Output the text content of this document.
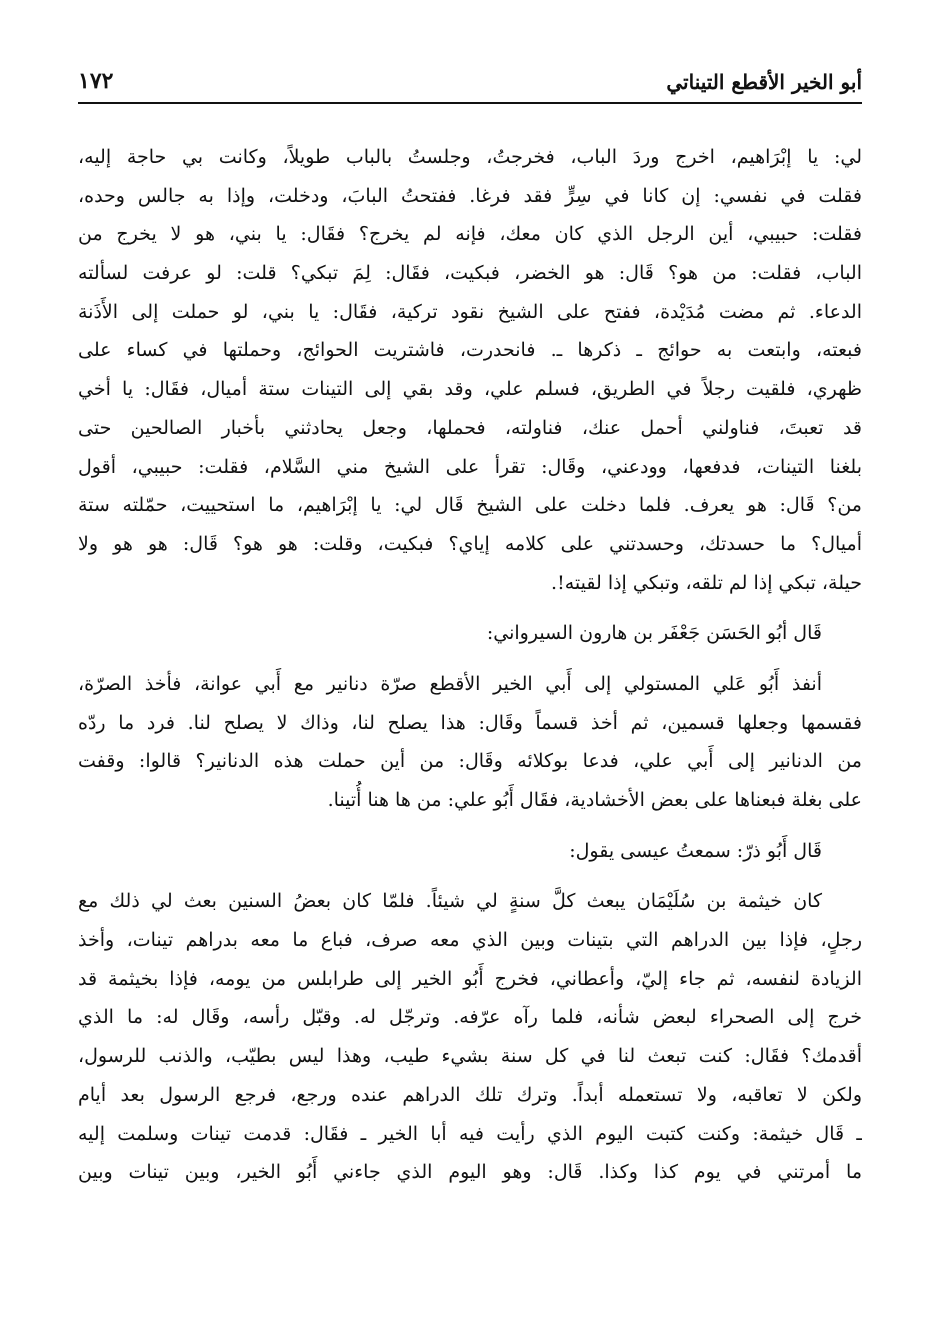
أبو الخير الأقطع التيناتي
١٧٢
لي: يا إبْرَاهيم، اخرج وردَ الباب، فخرجتُ، وجلستُ بالباب طويلاً، وكانت بي حاجة إليه،
فقلت في نفسي: إن كانا في سِرٍّ فقد فرغا. ففتحتُ البابَ، ودخلت، وإذا به جالس وحده،
فقلت: حبيبي، أين الرجل الذي كان معك، فإنه لم يخرج؟ فقَال: يا بني، هو لا يخرج من
الباب، فقلت: من هو؟ قَال: هو الخضر، فبكيت، فقَال: لِمَ تبكي؟ قلت: لو عرفت لسألته
الدعاء. ثم مضت مُدَيْدة، ففتح على الشيخ نقود تركية، فقَال: يا بني، لو حملت إلى الأَذَنة
فبعته، وابتعت به حوائج ـ ذكرها ـ. فانحدرت، فاشتريت الحوائج، وحملتها في كساء على
ظهري، فلقيت رجلاً في الطريق، فسلم علي، وقد بقي إلى التينات ستة أميال، فقَال: يا أخي
قد تعبتَ، فناولني أحمل عنك، فناولته، فحملها، وجعل يحادثني بأخبار الصالحين حتى
بلغنا التينات، فدفعها، وودعني، وقَال: تقرأ على الشيخ مني السَّلام، فقلت: حبيبي، أقول
من؟ قَال: هو يعرف. فلما دخلت على الشيخ قَال لي: يا إبْرَاهيم، ما استحييت، حمّلته ستة
أميال؟ ما حسدتك، وحسدتني على كلامه إياي؟ فبكيت، وقلت: هو هو؟ قَال: هو هو ولا
حيلة، تبكي إذا لم تلقه، وتبكي إذا لقيته!.
قَال أبُو الحَسَن جَعْفَر بن هارون السيرواني:
أنفذ أَبُو عَلي المستولي إلى أَبي الخير الأقطع صرّة دنانير مع أَبي عوانة، فأخذ الصرّة،
فقسمها وجعلها قسمين، ثم أخذ قسماً وقَال: هذا يصلح لنا، وذاك لا يصلح لنا. فرد ما ردّه
من الدنانير إلى أَبي علي، فدعا بوكلائه وقَال: من أين حملت هذه الدنانير؟ قالوا: وقفت
على بغلة فبعناها على بعض الأخشادية، فقَال أَبُو علي: من ها هنا أُتينا.
قَال أَبُو ذرّ: سمعتُ عيسى يقول:
كان خيثمة بن سُلَيْمَان يبعث كلَّ سنةٍ لي شيئاً. فلمّا كان بعضُ السنين بعث لي ذلك مع
رجلٍ، فإذا بين الدراهم التي بتينات وبين الذي معه صرف، فباع ما معه بدراهم تينات، وأخذ
الزيادة لنفسه، ثم جاء إليّ، وأعطاني، فخرج أَبُو الخير إلى طرابلس من يومه، فإذا بخيثمة قد
خرج إلى الصحراء لبعض شأنه، فلما رآه عرّفه. وترجّل له. وقبّل رأسه، وقَال له: ما الذي
أقدمك؟ فقَال: كنت تبعث لنا في كل سنة بشيء طيب، وهذا ليس بطيّب، والذنب للرسول،
ولكن لا تعاقبه، ولا تستعمله أبداً. وترك تلك الدراهم عنده ورجع، فرجع الرسول بعد أيام
ـ قَال خيثمة: وكنت كتبت اليوم الذي رأيت فيه أبا الخير ـ فقَال: قدمت تينات وسلمت إليه
ما أمرتني في يوم كذا وكذا. قَال: وهو اليوم الذي جاءني أَبُو الخير، وبين تينات وبين
